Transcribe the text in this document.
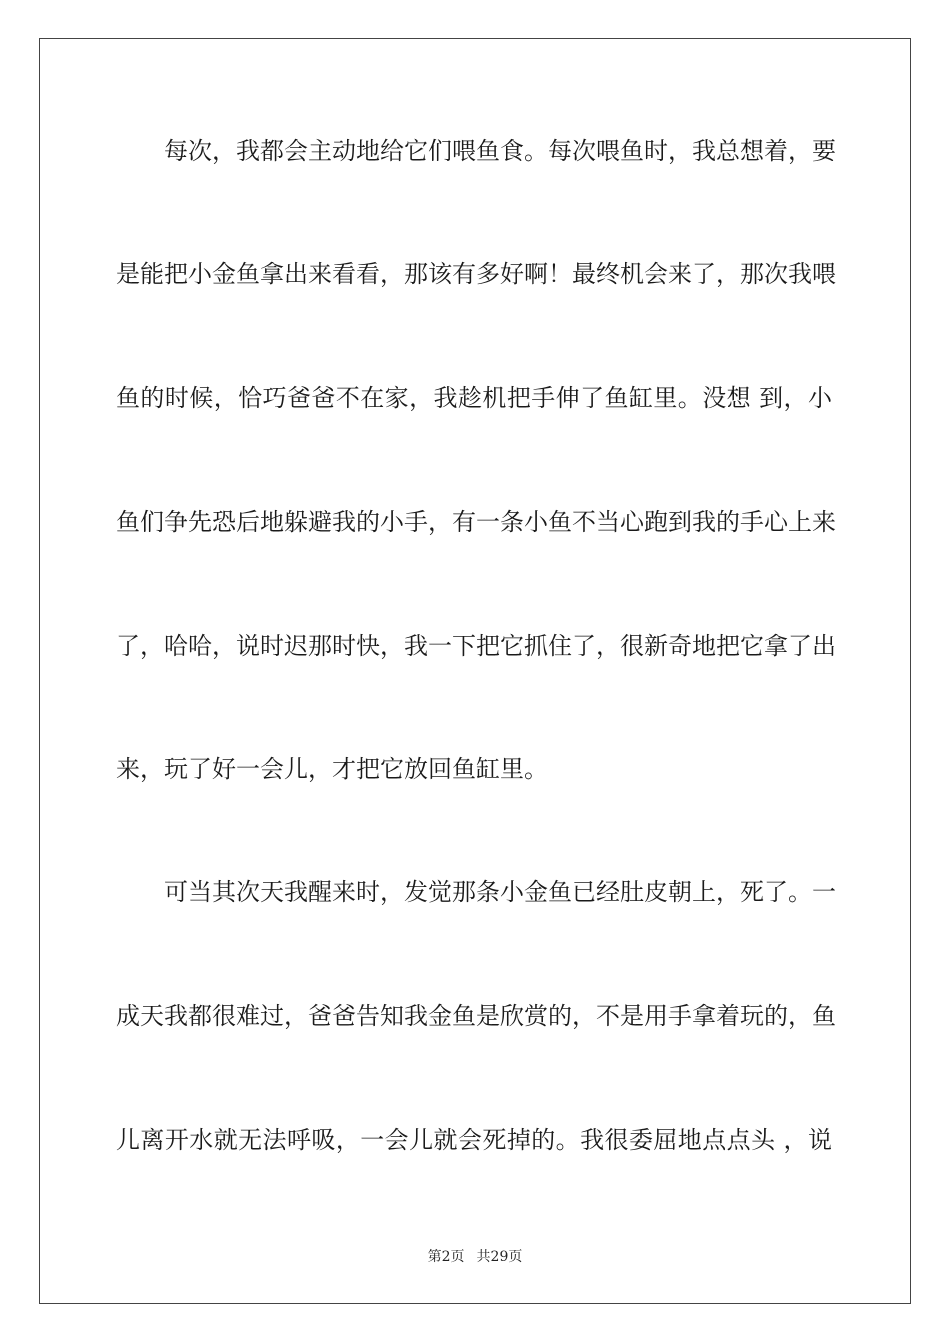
每次，我都会主动地给它们喂鱼食。每次喂鱼时，我总想着，要
是能把小金鱼拿出来看看，那该有多好啊！最终机会来了，那次我喂
鱼的时候，恰巧爸爸不在家，我趁机把手伸了鱼缸里。没想 到，小
鱼们争先恐后地躲避我的小手，有一条小鱼不当心跑到我的手心上来
了，哈哈，说时迟那时快，我一下把它抓住了，很新奇地把它拿了出
来，玩了好一会儿，才把它放回鱼缸里。
可当其次天我醒来时，发觉那条小金鱼已经肚皮朝上，死了。一
成天我都很难过，爸爸告知我金鱼是欣赏的，不是用手拿着玩的，鱼
儿离开水就无法呼吸，一会儿就会死掉的。我很委屈地点点头 ，说
第2页 共29页
